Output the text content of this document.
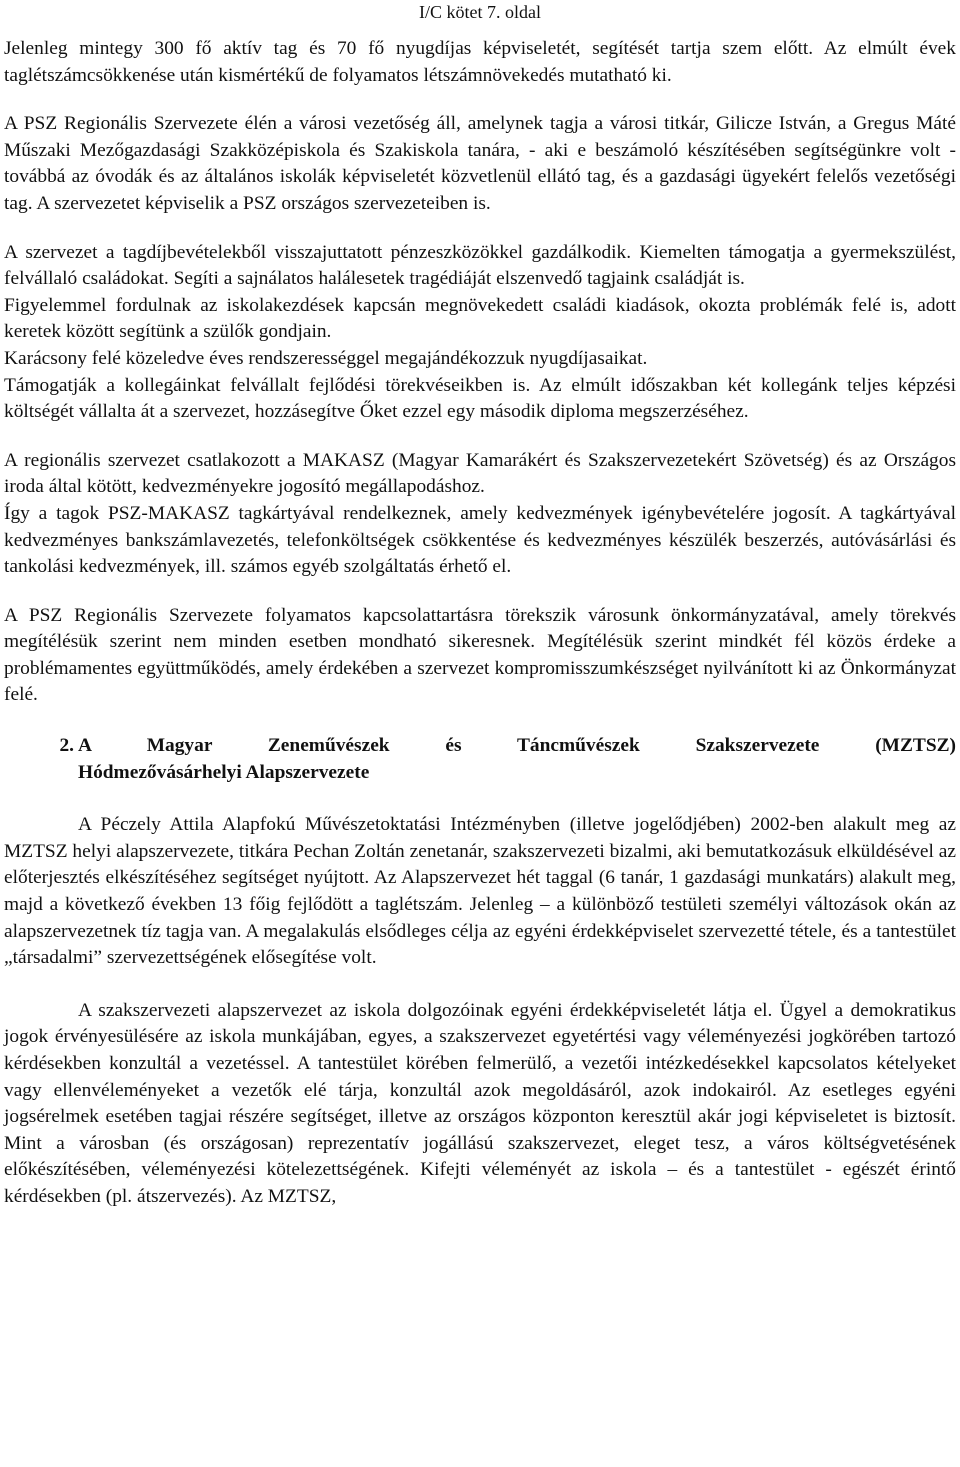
I/C kötet 7. oldal

Jelenleg mintegy 300 fő aktív tag és 70 fő nyugdíjas képviseletét, segítését tartja szem előtt. Az elmúlt évek taglétszámcsökkenése után kismértékű de folyamatos létszámnövekedés mutatható ki.

A PSZ Regionális Szervezete élén a városi vezetőség áll, amelynek tagja a városi titkár, Gilicze István, a Gregus Máté Műszaki Mezőgazdasági Szakközépiskola és Szakiskola tanára, - aki e beszámoló készítésében segítségünkre volt - továbbá az óvodák és az általános iskolák képviseletét közvetlenül ellátó tag, és a gazdasági ügyekért felelős vezetőségi tag. A szervezetet képviselik a PSZ országos szervezeteiben is.

A szervezet a tagdíjbevételekből visszajuttatott pénzeszközökkel gazdálkodik. Kiemelten támogatja a gyermekszülést, felvállaló családokat. Segíti a sajnálatos halálesetek tragédiáját elszenvedő tagjaink családját is.

Figyelemmel fordulnak az iskolakezdések kapcsán megnövekedett családi kiadások, okozta problémák felé is, adott keretek között segítünk a szülők gondjain.

Karácsony felé közeledve éves rendszerességgel megajándékozzuk nyugdíjasaikat.

Támogatják a kollegáinkat felvállalt fejlődési törekvéseikben is. Az elmúlt időszakban két kollegánk teljes képzési költségét vállalta át a szervezet, hozzásegítve Őket ezzel egy második diploma megszerzéséhez.

A regionális szervezet csatlakozott a MAKASZ (Magyar Kamarákért és Szakszervezetekért Szövetség) és az Országos iroda által kötött, kedvezményekre jogosító megállapodáshoz.

Így a tagok PSZ-MAKASZ tagkártyával rendelkeznek, amely kedvezmények igénybevételére jogosít. A tagkártyával kedvezményes bankszámlavezetés, telefonköltségek csökkentése és kedvezményes készülék beszerzés, autóvásárlási és tankolási kedvezmények, ill. számos egyéb szolgáltatás érhető el.

A PSZ Regionális Szervezete folyamatos kapcsolattartásra törekszik városunk önkormányzatával, amely törekvés megítélésük szerint nem minden esetben mondható sikeresnek. Megítélésük szerint mindkét fél közös érdeke a problémamentes együttműködés, amely érdekében a szervezet kompromisszumkészséget nyilvánított ki az Önkormányzat felé.

2. A Magyar Zeneművészek és Táncművészek Szakszervezete (MZTSZ)
Hódmezővásárhelyi Alapszervezete

A Péczely Attila Alapfokú Művészetoktatási Intézményben (illetve jogelődjében) 2002-ben alakult meg az MZTSZ helyi alapszervezete, titkára Pechan Zoltán zenetanár, szakszervezeti bizalmi, aki bemutatkozásuk elküldésével az előterjesztés elkészítéséhez segítséget nyújtott. Az Alapszervezet hét taggal (6 tanár, 1 gazdasági munkatárs) alakult meg, majd a következő években 13 főig fejlődött a taglétszám. Jelenleg – a különböző testületi személyi változások okán az alapszervezetnek tíz tagja van. A megalakulás elsődleges célja az egyéni érdekképviselet szervezetté tétele, és a tantestület „társadalmi” szervezettségének elősegítése volt.

A szakszervezeti alapszervezet az iskola dolgozóinak egyéni érdekképviseletét látja el. Ügyel a demokratikus jogok érvényesülésére az iskola munkájában, egyes, a szakszervezet egyetértési vagy véleményezési jogkörében tartozó kérdésekben konzultál a vezetéssel. A tantestület körében felmerülő, a vezetői intézkedésekkel kapcsolatos kételyeket vagy ellenvéleményeket a vezetők elé tárja, konzultál azok megoldásáról, azok indokairól. Az esetleges egyéni jogsérelmek esetében tagjai részére segítséget, illetve az országos központon keresztül akár jogi képviseletet is biztosít. Mint a városban (és országosan) reprezentatív jogállású szakszervezet, eleget tesz, a város költségvetésének előkészítésében, véleményezési kötelezettségének. Kifejti véleményét az iskola – és a tantestület - egészét érintő kérdésekben (pl. átszervezés). Az MZTSZ,
